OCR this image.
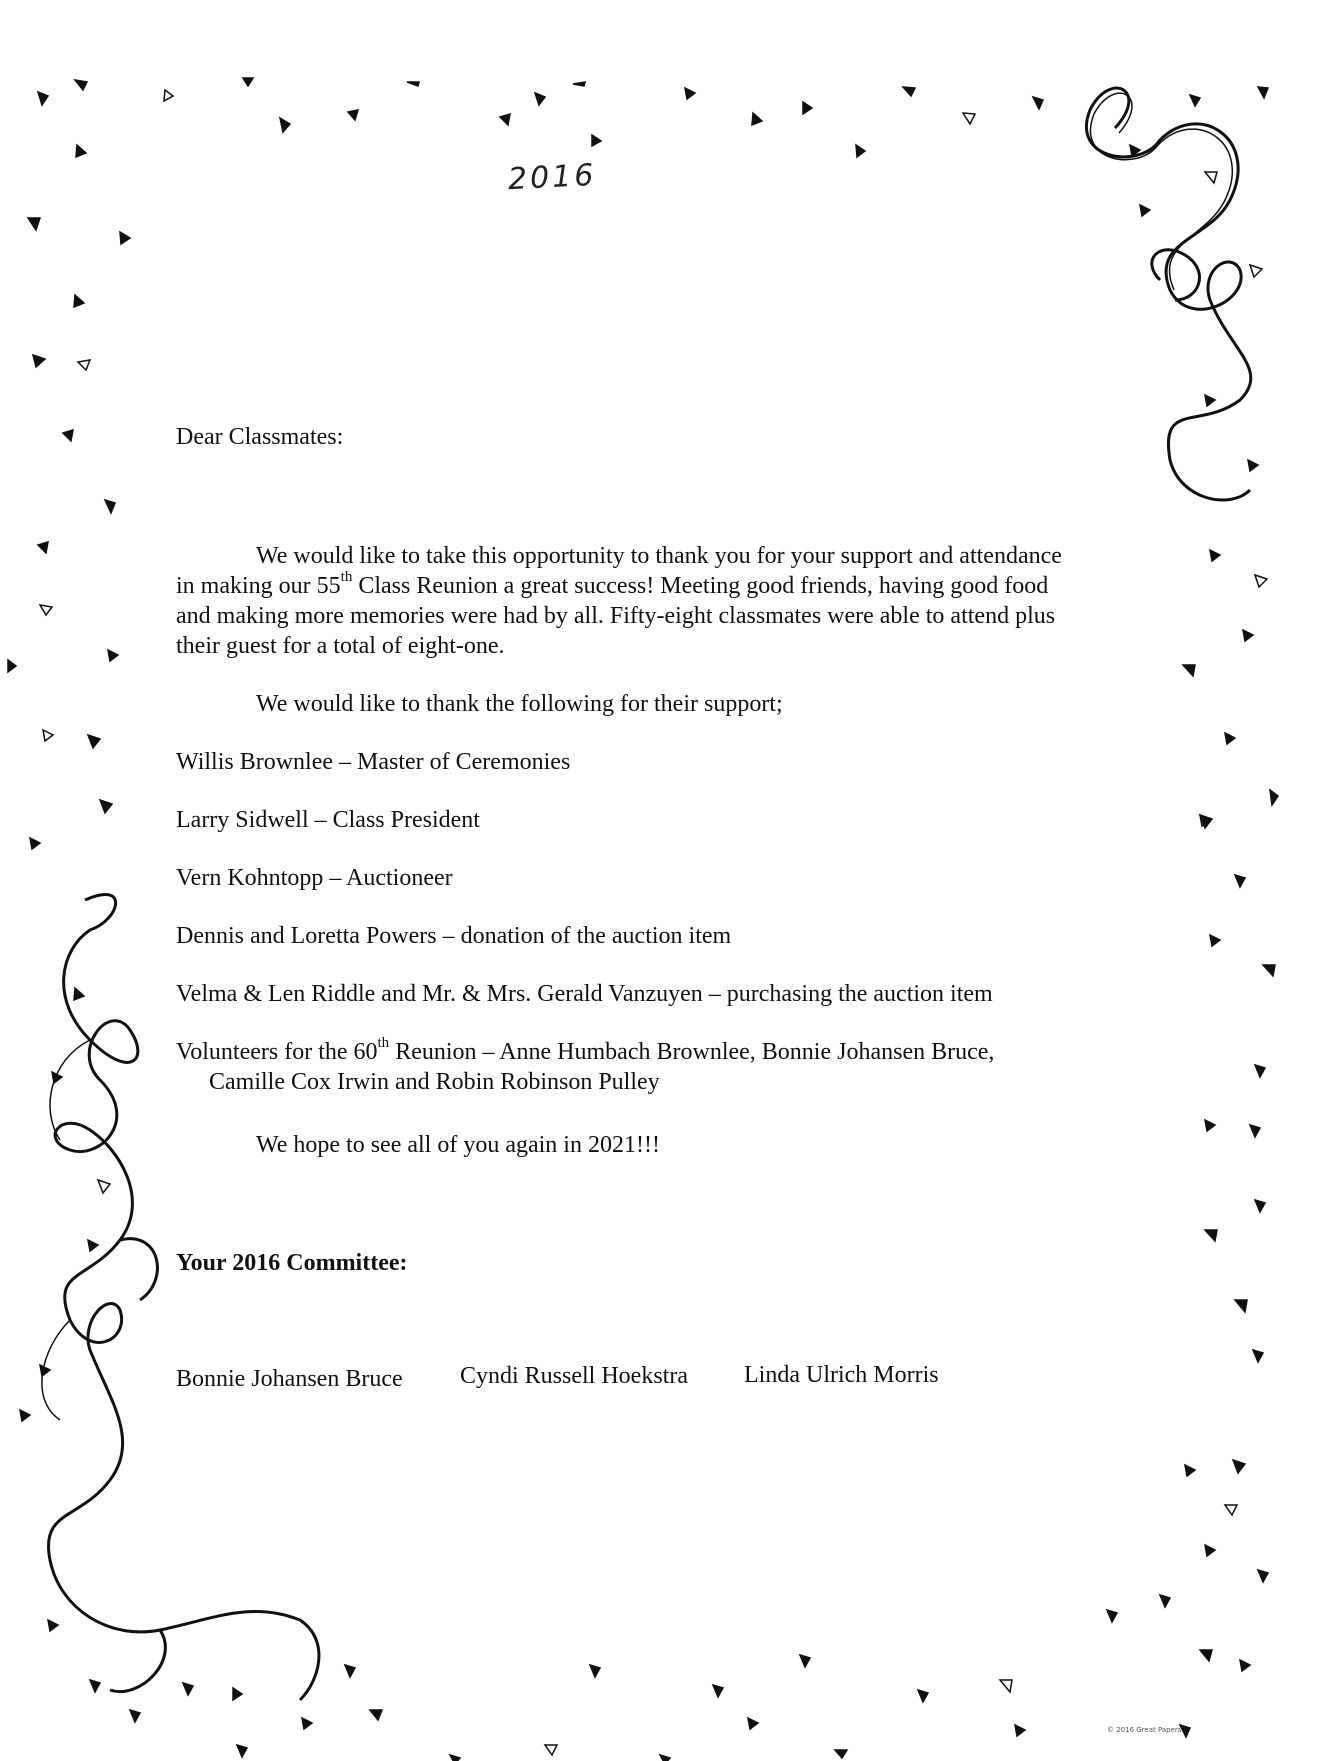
2016
Dear Classmates:
We would like to take this opportunity to thank you for your support and attendance in making our 55th Class Reunion a great success! Meeting good friends, having good food and making more memories were had by all. Fifty-eight classmates were able to attend plus their guest for a total of eight-one.
We would like to thank the following for their support;
Willis Brownlee – Master of Ceremonies
Larry Sidwell – Class President
Vern Kohntopp – Auctioneer
Dennis and Loretta Powers – donation of the auction item
Velma & Len Riddle and Mr. & Mrs. Gerald Vanzuyen – purchasing the auction item
Volunteers for the 60th Reunion – Anne Humbach Brownlee, Bonnie Johansen Bruce,
Camille Cox Irwin and Robin Robinson Pulley
We hope to see all of you again in 2021!!!
Your 2016 Committee:
Bonnie Johansen Bruce Cyndi Russell Hoekstra Linda Ulrich Morris
© 2016 Great Papers
